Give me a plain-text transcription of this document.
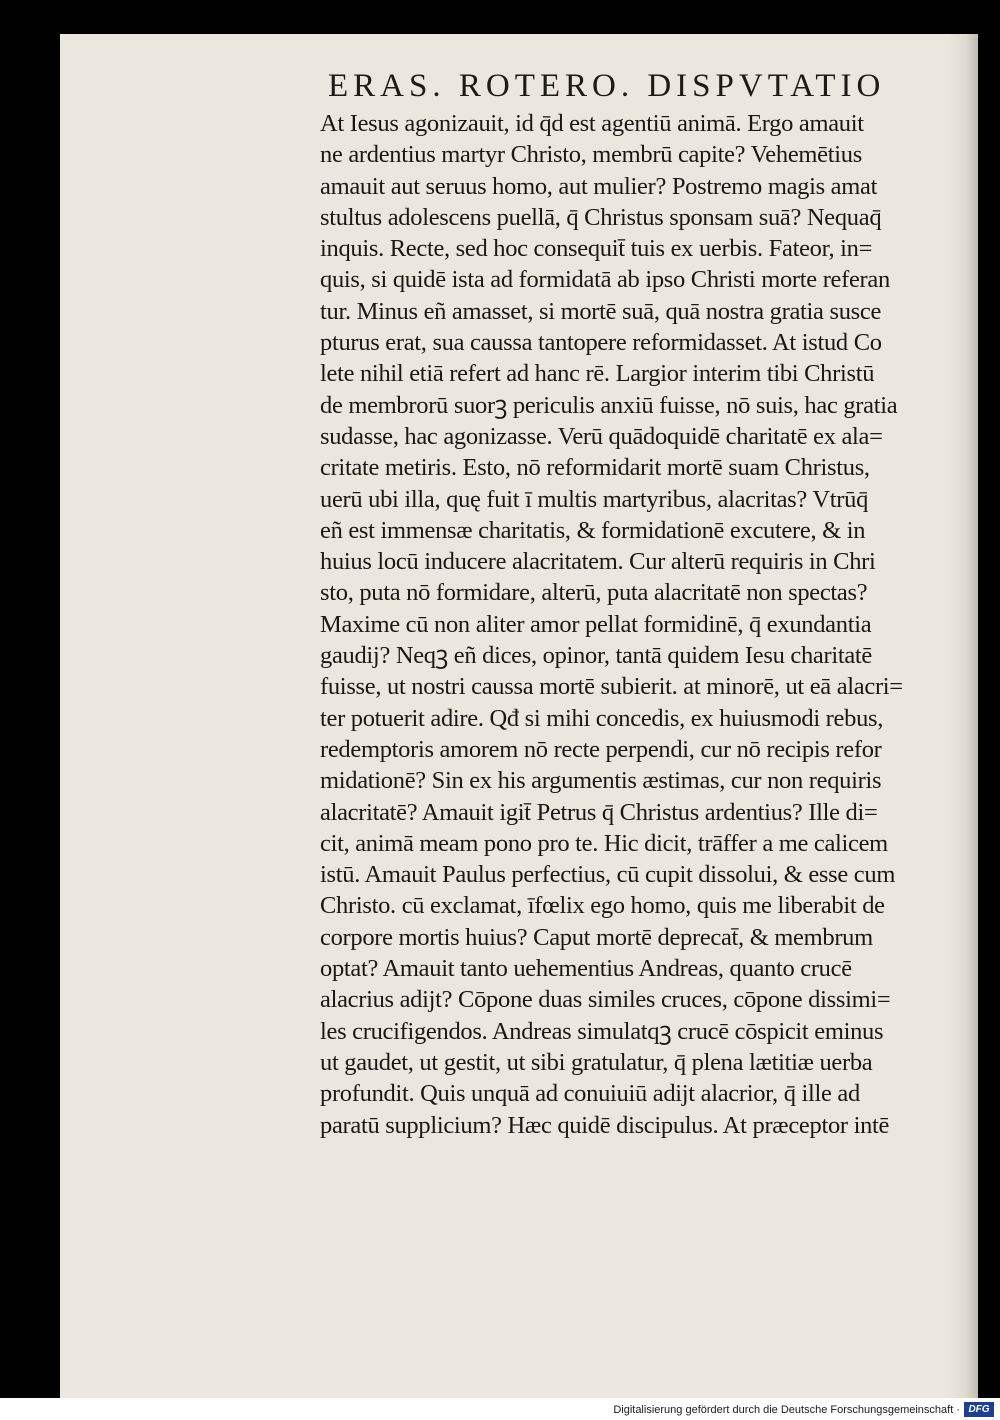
ERAS. ROTERO. DISPVTATIO
At Iesus agonizauit, id q̄d est agentiū animā. Ergo amauit
ne ardentius martyr Christo, membrū capite? Vehemētius
amauit aut seruus homo, aut mulier? Postremo magis amat
stultus adolescens puellā, q̄ Christus sponsam suā? Nequaq̄
inquis. Recte, sed hoc consequit̄ tuis ex uerbis. Fateor, in=
quis, si quidē ista ad formidatā ab ipso Christi morte referan
tur. Minus eñ amasset, si mortē suā, quā nostra gratia susce
pturus erat, sua caussa tantopere reformidasset. At istud Co
lete nihil etiā refert ad hanc rē. Largior interim tibi Christū
de membrorū suorꝫ periculis anxiū fuisse, nō suis, hac gratia
sudasse, hac agonizasse. Verū quādoquidē charitatē ex ala=
critate metiris. Esto, nō reformidarit mortē suam Christus,
uerū ubi illa, quę fuit ī multis martyribus, alacritas? Vtrūq̄
eñ est immensæ charitatis, & formidationē excutere, & in
huius locū inducere alacritatem. Cur alterū requiris in Chri
sto, puta nō formidare, alterū, puta alacritatē non spectas?
Maxime cū non aliter amor pellat formidinē, q̄ exundantia
gaudij? Neqꝫ eñ dices, opinor, tantā quidem Iesu charitatē
fuisse, ut nostri caussa mortē subierit. at minorē, ut eā alacri=
ter potuerit adire. Qđ si mihi concedis, ex huiusmodi rebus,
redemptoris amorem nō recte perpendi, cur nō recipis refor
midationē? Sin ex his argumentis æstimas, cur non requiris
alacritatē? Amauit igit̄ Petrus q̄ Christus ardentius? Ille di=
cit, animā meam pono pro te. Hic dicit, trāffer a me calicem
istū. Amauit Paulus perfectius, cū cupit dissolui, & esse cum
Christo. cū exclamat, īfœlix ego homo, quis me liberabit de
corpore mortis huius? Caput mortē deprecat̄, & membrum
optat? Amauit tanto uehementius Andreas, quanto crucē
alacrius adijt? Cōpone duas similes cruces, cōpone dissimi=
les crucifigendos. Andreas simulatqꝫ crucē cōspicit eminus
ut gaudet, ut gestit, ut sibi gratulatur, q̄ plena lætitiæ uerba
profundit. Quis unquā ad conuiuiū adijt alacrior, q̄ ille ad
paratū supplicium? Hæc quidē discipulus. At præceptor intē
Digitalisierung gefördert durch die Deutsche Forschungsgemeinschaft · DFG
